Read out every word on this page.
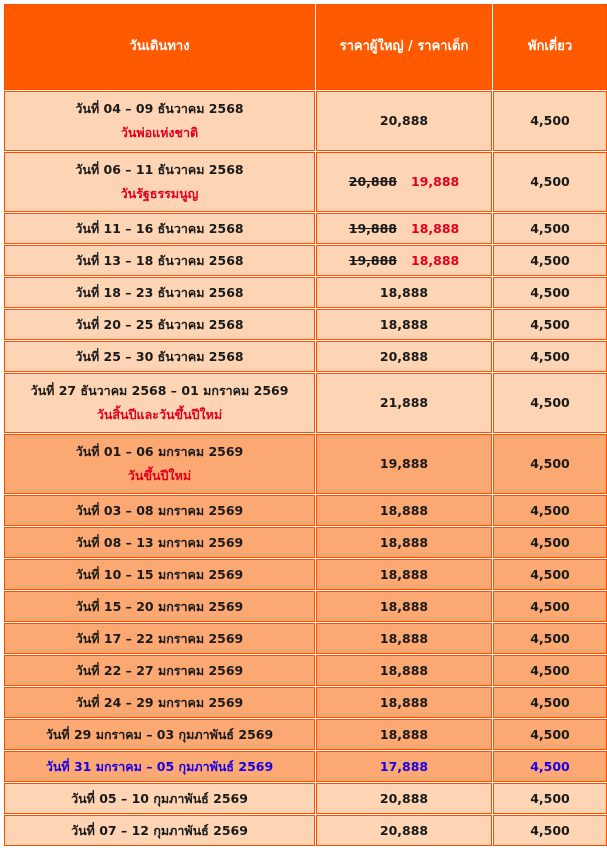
วันเดินทาง	ราคาผู้ใหญ่ / ราคาเด็ก	พักเดี่ยว
วันที่ 04 – 09 ธันวาคม 2568
วันพ่อแห่งชาติ	20,888	4,500
วันที่ 06 – 11 ธันวาคม 2568
วันรัฐธรรมนูญ	20,888 19,888	4,500
วันที่ 11 – 16 ธันวาคม 2568	19,888 18,888	4,500
วันที่ 13 – 18 ธันวาคม 2568	19,888 18,888	4,500
วันที่ 18 – 23 ธันวาคม 2568	18,888	4,500
วันที่ 20 – 25 ธันวาคม 2568	18,888	4,500
วันที่ 25 – 30 ธันวาคม 2568	20,888	4,500
วันที่ 27 ธันวาคม 2568 – 01 มกราคม 2569
วันสิ้นปีและวันขึ้นปีใหม่	21,888	4,500
วันที่ 01 – 06 มกราคม 2569
วันขึ้นปีใหม่	19,888	4,500
วันที่ 03 – 08 มกราคม 2569	18,888	4,500
วันที่ 08 – 13 มกราคม 2569	18,888	4,500
วันที่ 10 – 15 มกราคม 2569	18,888	4,500
วันที่ 15 – 20 มกราคม 2569	18,888	4,500
วันที่ 17 – 22 มกราคม 2569	18,888	4,500
วันที่ 22 – 27 มกราคม 2569	18,888	4,500
วันที่ 24 – 29 มกราคม 2569	18,888	4,500
วันที่ 29 มกราคม – 03 กุมภาพันธ์ 2569	18,888	4,500
วันที่ 31 มกราคม – 05 กุมภาพันธ์ 2569	17,888	4,500
วันที่ 05 – 10 กุมภาพันธ์ 2569	20,888	4,500
วันที่ 07 – 12 กุมภาพันธ์ 2569	20,888	4,500
